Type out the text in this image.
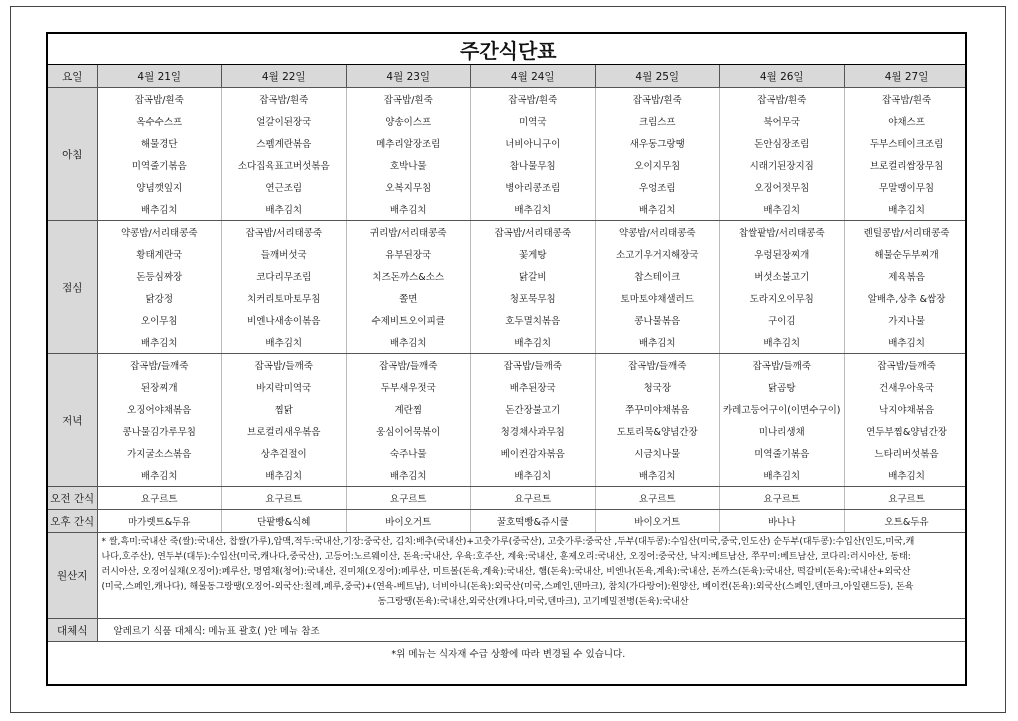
주간식단표							
요일	4월 21일	4월 22일	4월 23일	4월 24일	4월 25일	4월 26일	4월 27일
아침	잡곡밥/흰죽	잡곡밥/흰죽	잡곡밥/흰죽	잡곡밥/흰죽	잡곡밥/흰죽	잡곡밥/흰죽	잡곡밥/흰죽
	옥수수스프	얼갈이된장국	양송이스프	미역국	크림스프	북어무국	야채스프
	해물경단	스펨계란볶음	메추리알장조림	너비아니구이	새우동그랑땡	돈안심장조림	두부스테이크조림
	미역줄기볶음	소다집육표고버섯볶음	호박나물	참나물무침	오이지무침	시래기된장지짐	브로컬리쌈장무침
	양념깻잎지	연근조림	오복지무침	병아리콩조림	우엉조림	오징어젓무침	무말랭이무침
	배추김치	배추김치	배추김치	배추김치	배추김치	배추김치	배추김치
점심	약콩밥/서리태콩죽	잡곡밥/서리태콩죽	귀리밥/서리태콩죽	잡곡밥/서리태콩죽	약콩밥/서리태콩죽	찹쌀팥밥/서리태콩죽	렌틸콩밥/서리태콩죽
	황태계란국	들깨버섯국	유부된장국	꽃게탕	소고기우거지해장국	우렁된장찌개	해물순두부찌개
	돈등심짜장	코다리무조림	치즈돈까스&소스	닭갈비	찹스테이크	버섯소불고기	제육볶음
	닭강정	치커리토마토무침	쫄면	청포묵무침	토마토야채샐러드	도라지오이무침	알배추,상추 &쌈장
	오이무침	비엔나새송이볶음	수제비트오이피클	호두멸치볶음	콩나물볶음	구이김	가지나물
	배추김치	배추김치	배추김치	배추김치	배추김치	배추김치	배추김치
저녁	잡곡밥/들깨죽	잡곡밥/들깨죽	잡곡밥/들깨죽	잡곡밥/들깨죽	잡곡밥/들깨죽	잡곡밥/들깨죽	잡곡밥/들깨죽
	된장찌개	바지락미역국	두부새우젓국	배추된장국	청국장	닭곰탕	건새우아욱국
	오징어야채볶음	찜닭	계란찜	돈간장불고기	쭈꾸미야채볶음	카레고등어구이(이면수구이)	낙지야채볶음
	콩나물김가루무침	브로컬리새우볶음	웅심이어묵볶이	청경채사과무침	도토리묵&양념간장	미나리생채	연두부찜&양념간장
	가지굴소스볶음	상추겉절이	숙주나물	베이컨감자볶음	시금치나물	미역줄기볶음	느타리버섯볶음
	배추김치	배추김치	배추김치	배추김치	배추김치	배추김치	배추김치
오전 간식	요구르트	요구르트	요구르트	요구르트	요구르트	요구르트	요구르트
오후 간식	마가렛트&두유	단팥빵&식혜	바이오거트	꿀호떡빵&쥬시쿨	바이오거트	바나나	오트&두유
원산지	* 쌀,흑미:국내산 죽(쌀):국내산, 찹쌀(가루),압맥,적두:국내산,기장:중국산, 김치:배추(국내산)+고춧가루(중국산), 고춧가루:중국산 ,두부(대두콩):수입산(미국,중국,인도산) 순두부(대두콩):수입산(인도,미국,캐
나다,호주산), 연두부(대두):수입산(미국,캐나다,중국산), 고등어:노르웨이산, 돈육:국내산, 우육:호주산, 계육:국내산, 훈제오리:국내산, 오징어:중국산, 낙지:베트남산, 쭈꾸미:베트남산, 코다리:러시아산, 동태:
러시아산, 오징어실채(오징어):페루산, 명엽채(청어):국내산, 진미채(오징어):페루산, 미트볼(돈육,계육):국내산, 햄(돈육):국내산, 비엔나(돈육,계육):국내산, 돈까스(돈육):국내산, 떡갈비(돈육):국내산+외국산
(미국,스페인,캐나다), 해물동그랑땡(오징어-외국산:칠레,페루,중국)+(연육-베트남), 너비아니(돈육):외국산(미국,스페인,덴마크), 참치(가다랑어):원양산, 베이컨(돈육):외국산(스페인,덴마크,아일랜드등), 돈육
동그랑땡(돈육):국내산,외국산(캐나다,미국,덴마크), 고기메밀전병(돈육):국내산						

대체식	알레르기 식품 대체식: 메뉴표 괄호( )안 메뉴 참조						
*위 메뉴는 식자재 수급 상황에 따라 변경될 수 있습니다.							
